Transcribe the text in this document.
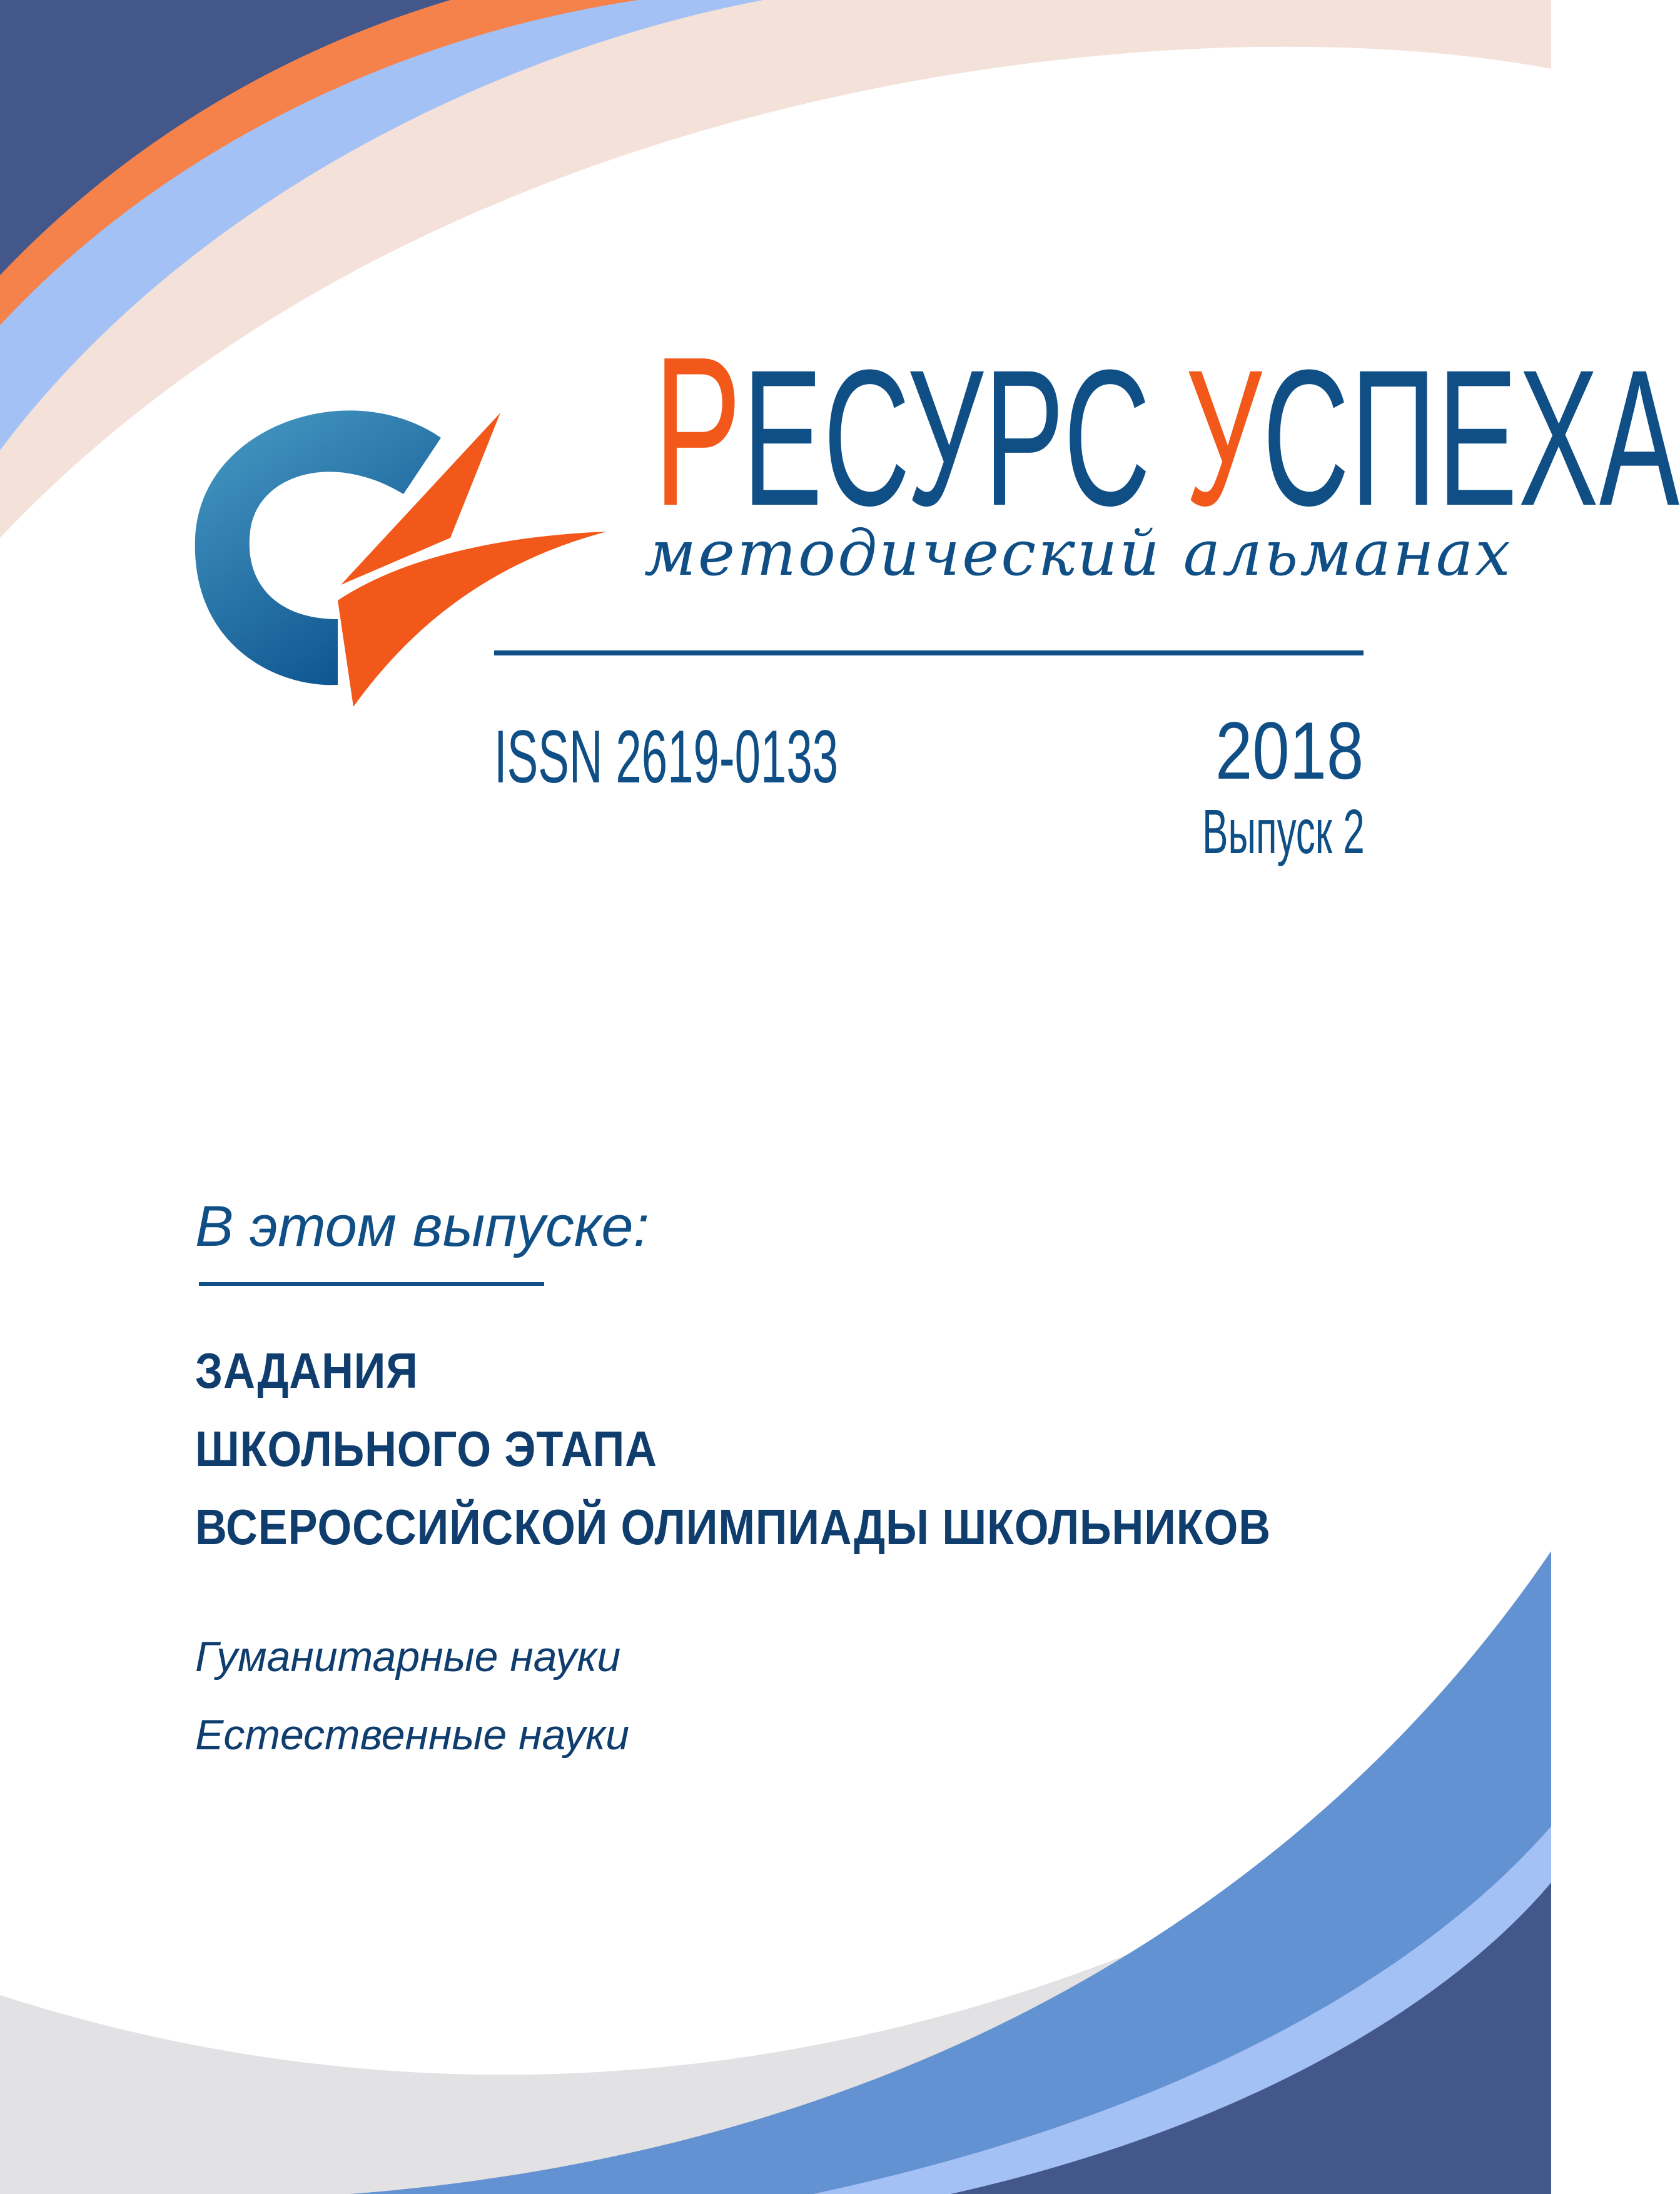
РЕСУРС УСПЕХА
методический альманах
ISSN 2619-0133	2018
Выпуск 2
В этом выпуске:
ЗАДАНИЯ
ШКОЛЬНОГО ЭТАПА
ВСЕРОССИЙСКОЙ ОЛИМПИАДЫ ШКОЛЬНИКОВ
Гуманитарные науки
Естественные науки
